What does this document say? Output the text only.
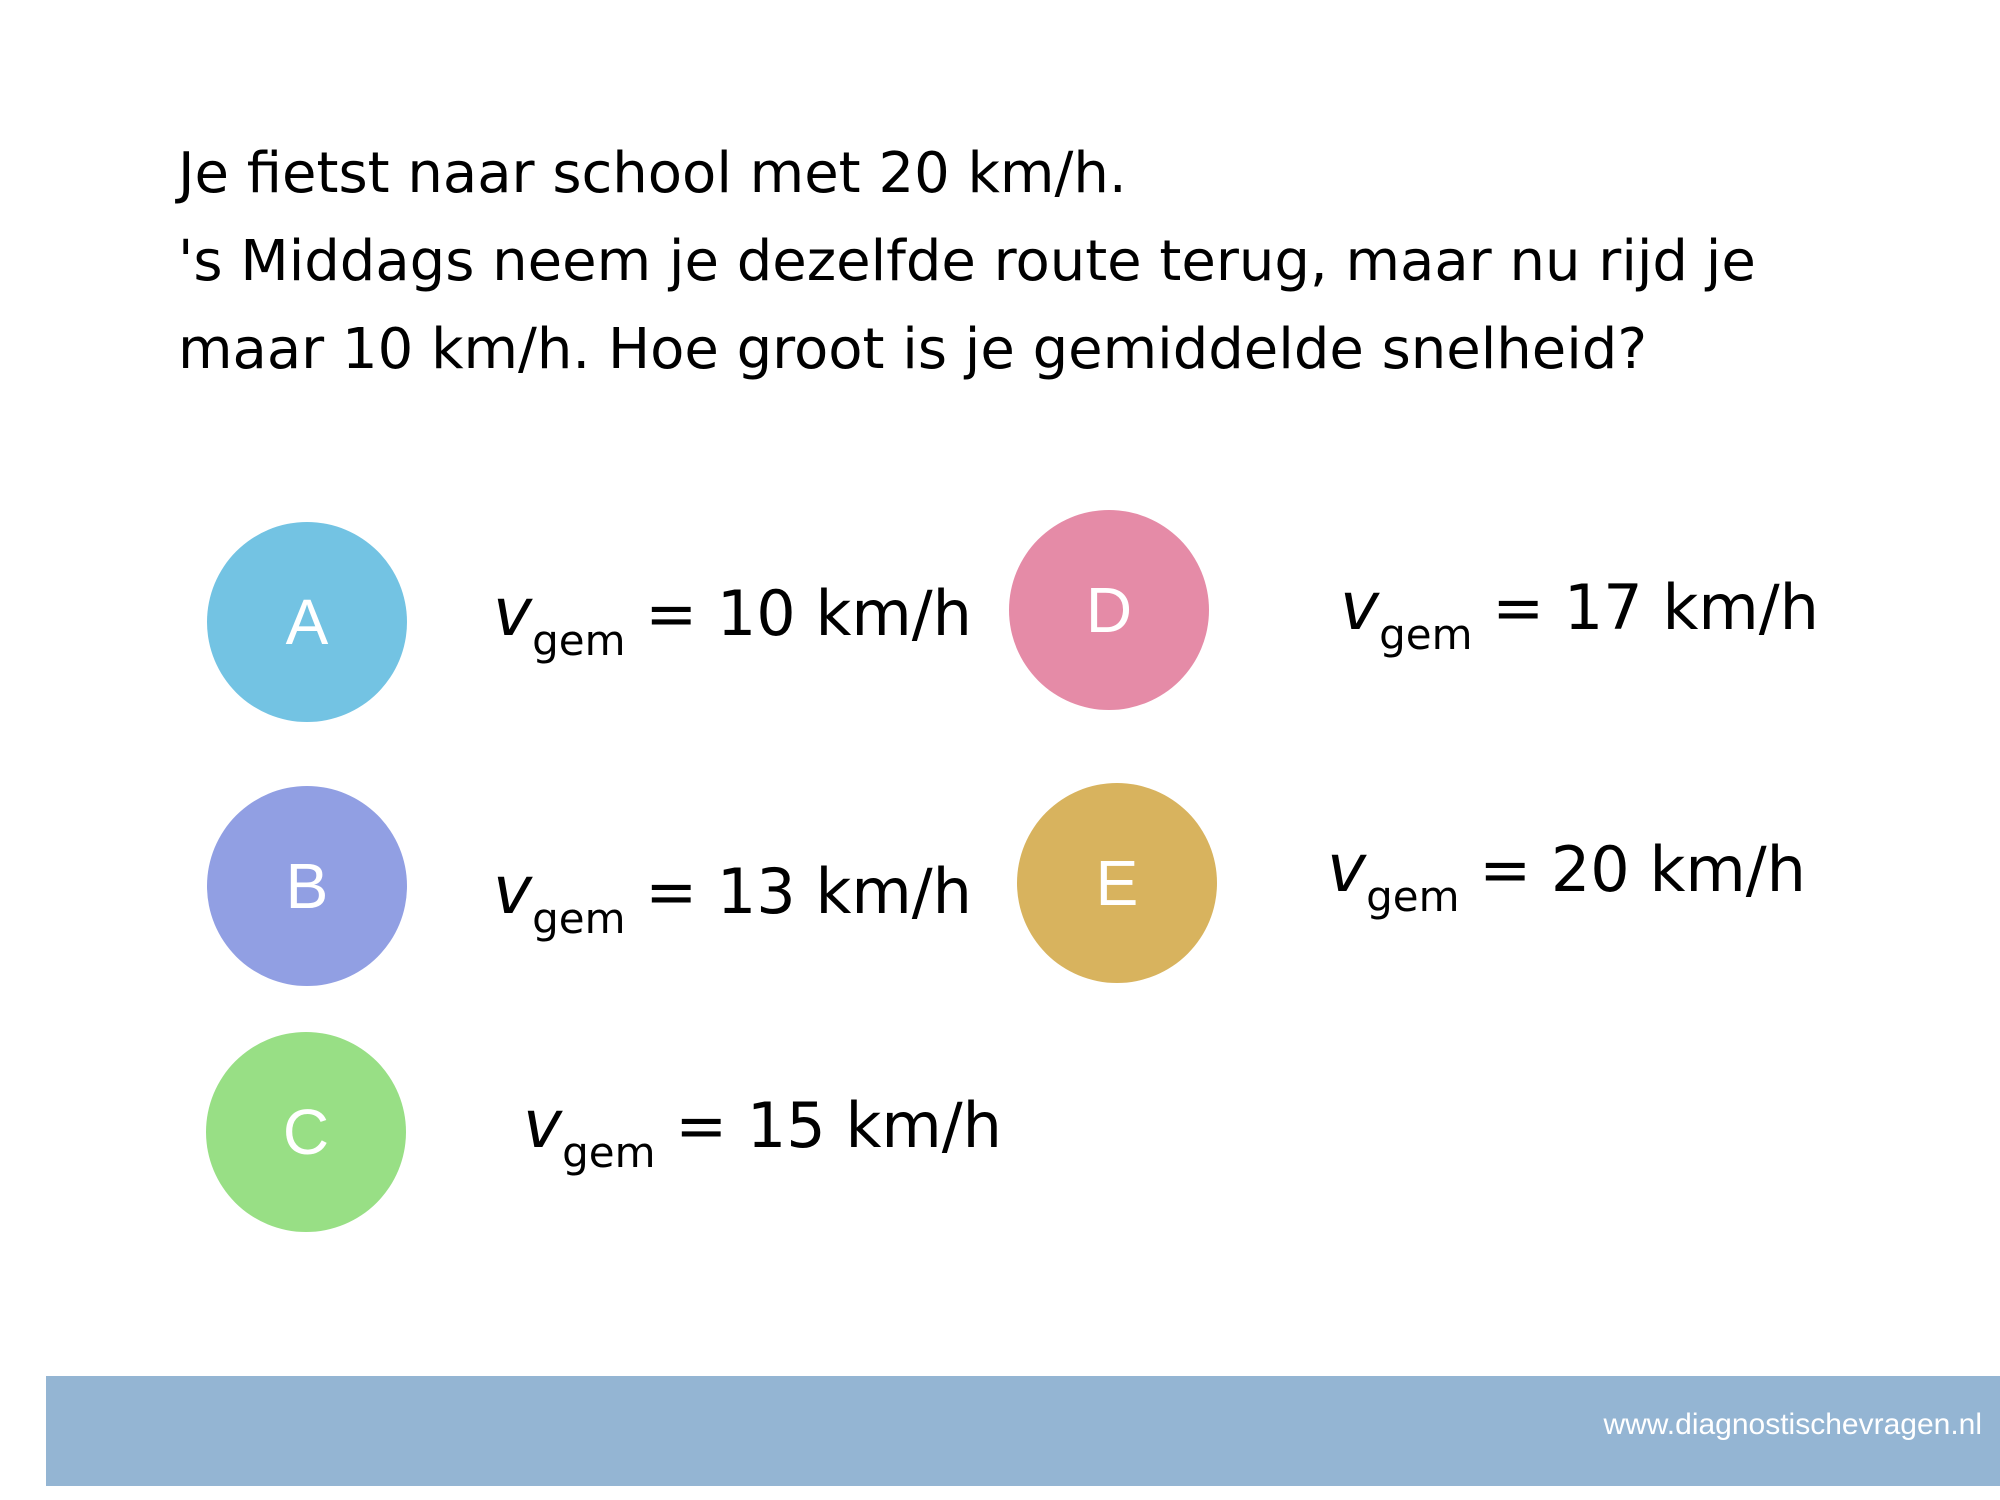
Je fietst naar school met 20 km/h.
's Middags neem je dezelfde route terug, maar nu rijd je
maar 10 km/h. Hoe groot is je gemiddelde snelheid?
A	$v_{gem} = 10$ km/h
B	$v_{gem} = 13$ km/h
C	$v_{gem} = 15$ km/h
D	$v_{gem} = 17$ km/h
E	$v_{gem} = 20$ km/h
www.diagnostischevragen.nl
